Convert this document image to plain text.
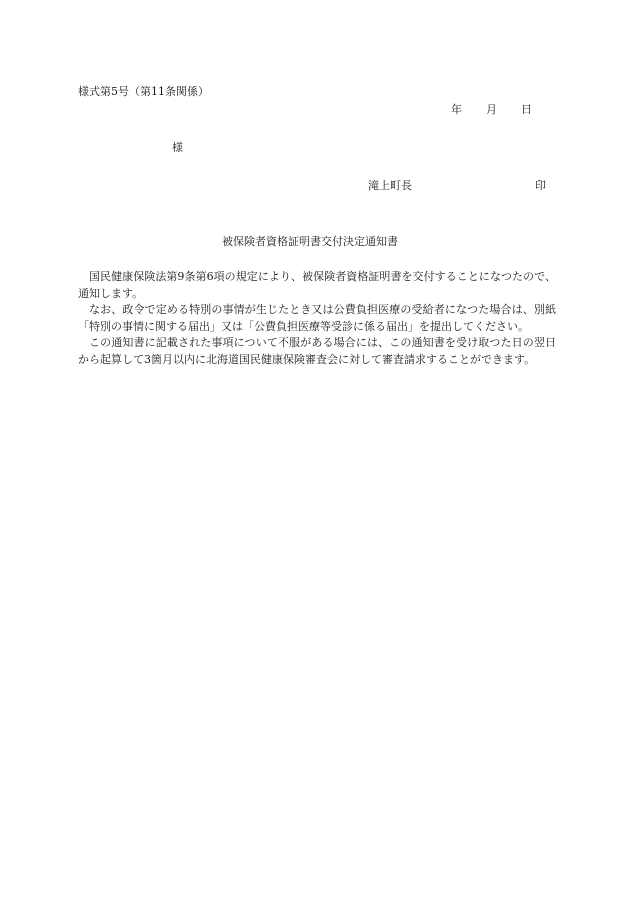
様式第5号（第11条関係）
年 月 日
様
滝上町長	印
被保険者資格証明書交付決定通知書

国民健康保険法第9条第6項の規定により、被保険者資格証明書を交付することになつたので、通知します。

なお、政令で定める特別の事情が生じたとき又は公費負担医療の受給者になつた場合は、別紙「特別の事情に関する届出」又は「公費負担医療等受診に係る届出」を提出してください。

この通知書に記載された事項について不服がある場合には、この通知書を受け取つた日の翌日から起算して3箇月以内に北海道国民健康保険審査会に対して審査請求することができます。
